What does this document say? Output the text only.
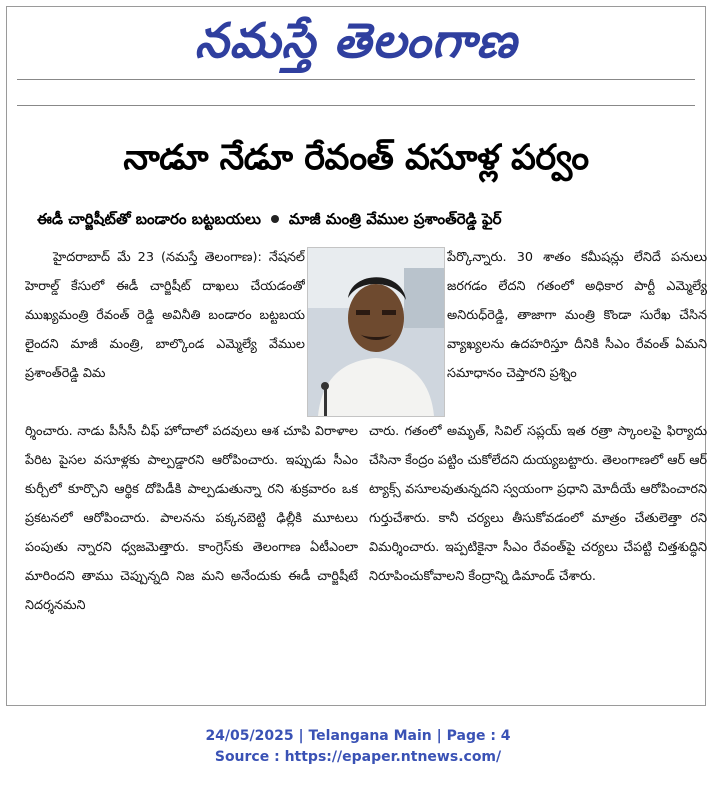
నమస్తే తెలంగాణ
నాడూ నేడూ రేవంత్ వసూళ్ల పర్వం
ఈడీ చార్జిషీట్‌తో బండారం బట్టబయలు మాజీ మంత్రి వేముల ప్రశాంత్‌రెడ్డి ఫైర్

హైదరాబాద్ మే 23 (నమస్తే తెలంగాణ): నేషనల్ హెరాల్డ్ కేసులో ఈడీ చార్జిషీట్ దాఖలు చేయడంతో ముఖ్యమంత్రి రేవంత్ రెడ్డి అవినీతి బండారం బట్టబయ లైందని మాజీ మంత్రి, బాల్కొండ ఎమ్మెల్యే వేముల ప్రశాంత్‌రెడ్డి విమ

పేర్కొన్నారు. 30 శాతం కమీషన్లు లేనిదే పనులు జరగడం లేదని గతంలో అధికార పార్టీ ఎమ్మెల్యే అనిరుధ్‌రెడ్డి, తాజాగా మంత్రి కొండా సురేఖ చేసిన వ్యాఖ్యలను ఉదహరిస్తూ దీనికి సీఎం రేవంత్ ఏమని సమాధానం చెప్తారని ప్రశ్నిం

ర్శించారు. నాడు పీసీసీ చీఫ్ హోదాలో పదవులు ఆశ చూపి విరాళాల పేరిట పైసల వసూళ్లకు పాల్పడ్డారని ఆరోపించారు. ఇప్పుడు సీఎం కుర్చీలో కూర్చొని ఆర్థిక దోపిడీకి పాల్పడుతున్నా రని శుక్రవారం ఒక ప్రకటనలో ఆరోపించారు. పాలనను పక్కనబెట్టి ఢిల్లీకి మూటలు పంపుతు న్నారని ధ్వజమెత్తారు. కాంగ్రెస్‌కు తెలంగాణ ఏటీఎంలా మారిందని తాము చెప్పున్నది నిజ మని అనేందుకు ఈడీ చార్జిషీటే నిదర్శనమని

చారు. గతంలో అమృత్, సివిల్ సప్లయ్ ఇత రత్రా స్కాంలపై ఫిర్యాదు చేసినా కేంద్రం పట్టిం చుకోలేదని దుయ్యబట్టారు. తెలంగాణలో ఆర్ ఆర్ ట్యాక్స్ వసూలవుతున్నదని స్వయంగా ప్రధాని మోదీయే ఆరోపించారని గుర్తుచేశారు. కానీ చర్యలు తీసుకోవడంలో మాత్రం చేతులెత్తా రని విమర్శించారు. ఇప్పటికైనా సీఎం రేవంత్‌పై చర్యలు చేపట్టి చిత్తశుద్ధిని నిరూపించుకోవాలని కేంద్రాన్ని డిమాండ్ చేశారు.

24/05/2025 | Telangana Main | Page : 4
Source : https://epaper.ntnews.com/
